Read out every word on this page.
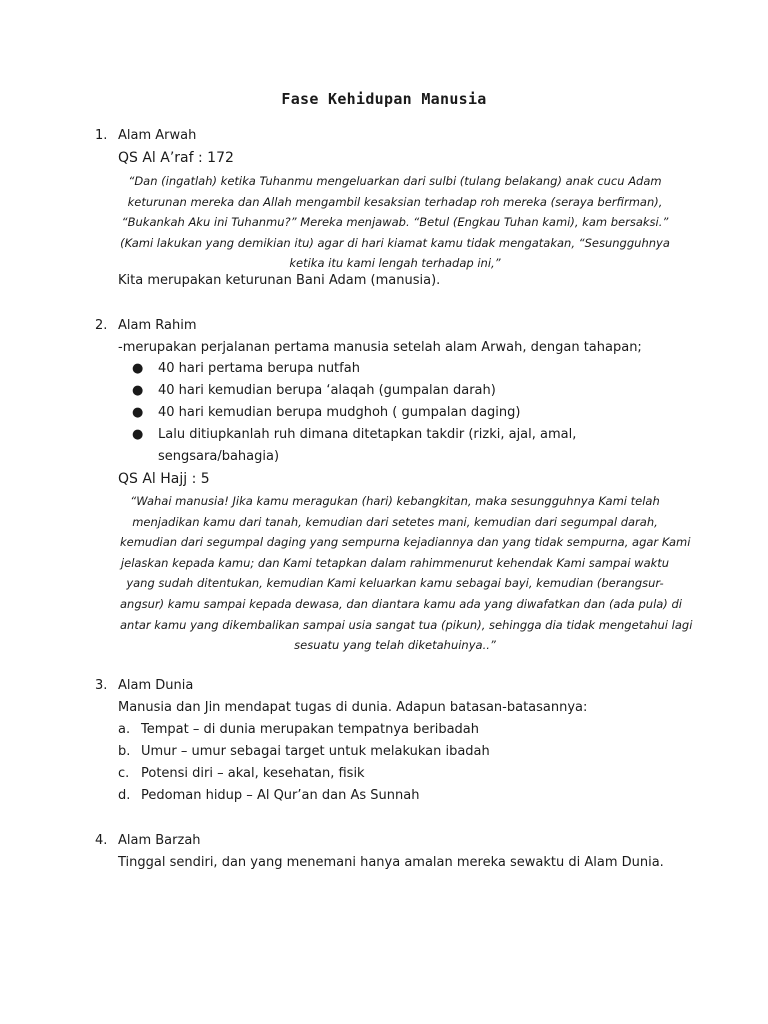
Fase Kehidupan Manusia
1. Alam Arwah
QS Al A’raf : 172
“Dan (ingatlah) ketika Tuhanmu mengeluarkan dari sulbi (tulang belakang) anak cucu Adam
keturunan mereka dan Allah mengambil kesaksian terhadap roh mereka (seraya berfirman),
“Bukankah Aku ini Tuhanmu?” Mereka menjawab. “Betul (Engkau Tuhan kami), kam bersaksi.”
(Kami lakukan yang demikian itu) agar di hari kiamat kamu tidak mengatakan, “Sesungguhnya
ketika itu kami lengah terhadap ini,”
Kita merupakan keturunan Bani Adam (manusia).
2. Alam Rahim
-merupakan perjalanan pertama manusia setelah alam Arwah, dengan tahapan;
● 40 hari pertama berupa nutfah
● 40 hari kemudian berupa ‘alaqah (gumpalan darah)
● 40 hari kemudian berupa mudghoh ( gumpalan daging)
● Lalu ditiupkanlah ruh dimana ditetapkan takdir (rizki, ajal, amal,
sengsara/bahagia)
QS Al Hajj : 5
“Wahai manusia! Jika kamu meragukan (hari) kebangkitan, maka sesungguhnya Kami telah
menjadikan kamu dari tanah, kemudian dari setetes mani, kemudian dari segumpal darah,
kemudian dari segumpal daging yang sempurna kejadiannya dan yang tidak sempurna, agar Kami
jelaskan kepada kamu; dan Kami tetapkan dalam rahimmenurut kehendak Kami sampai waktu
yang sudah ditentukan, kemudian Kami keluarkan kamu sebagai bayi, kemudian (berangsur-
angsur) kamu sampai kepada dewasa, dan diantara kamu ada yang diwafatkan dan (ada pula) di
antar kamu yang dikembalikan sampai usia sangat tua (pikun), sehingga dia tidak mengetahui lagi
sesuatu yang telah diketahuinya..”
3. Alam Dunia
Manusia dan Jin mendapat tugas di dunia. Adapun batasan-batasannya:
a. Tempat – di dunia merupakan tempatnya beribadah
b. Umur – umur sebagai target untuk melakukan ibadah
c. Potensi diri – akal, kesehatan, fisik
d. Pedoman hidup – Al Qur’an dan As Sunnah
4. Alam Barzah
Tinggal sendiri, dan yang menemani hanya amalan mereka sewaktu di Alam Dunia.
